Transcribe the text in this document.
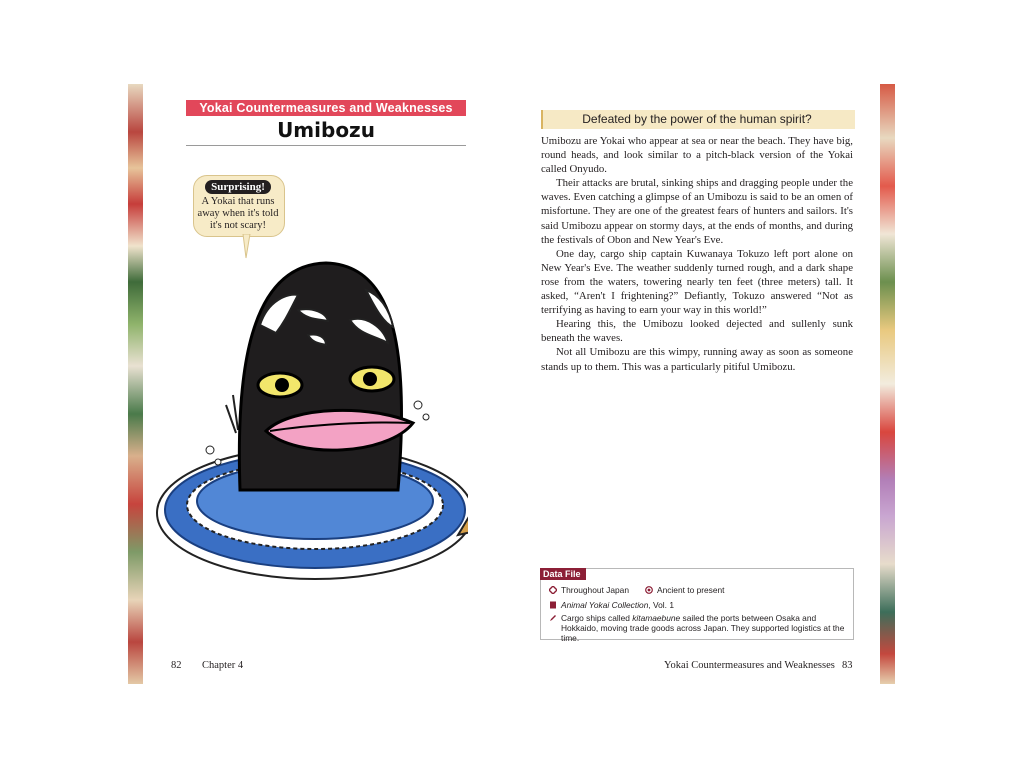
Yokai Countermeasures and Weaknesses
Umibozu
Surprising!
A Yokai that runs away when it's told it's not scary!
82 Chapter 4
Defeated by the power of the human spirit?

Umibozu are Yokai who appear at sea or near the beach. They have big, round heads, and look similar to a pitch-black version of the Yokai called Onyudo.

Their attacks are brutal, sinking ships and dragging people under the waves. Even catching a glimpse of an Umibozu is said to be an omen of misfortune. They are one of the greatest fears of hunters and sailors. It's said Umibozu appear on stormy days, at the ends of months, and during the festivals of Obon and New Year's Eve.

One day, cargo ship captain Kuwanaya Tokuzo left port alone on New Year's Eve. The weather suddenly turned rough, and a dark shape rose from the waters, towering nearly ten feet (three meters) tall. It asked, “Aren't I frightening?” Defiantly, Tokuzo answered “Not as terrifying as having to earn your way in this world!”

Hearing this, the Umibozu looked dejected and sullenly sunk beneath the waves.

Not all Umibozu are this wimpy, running away as soon as someone stands up to them. This was a particularly pitiful Umibozu.

Data File
Throughout Japan	Ancient to present
Animal Yokai Collection, Vol. 1
Cargo ships called kitamaebune sailed the ports between Osaka and Hokkaido, moving trade goods across Japan. They supported logistics at the time.
Yokai Countermeasures and Weaknesses 83
